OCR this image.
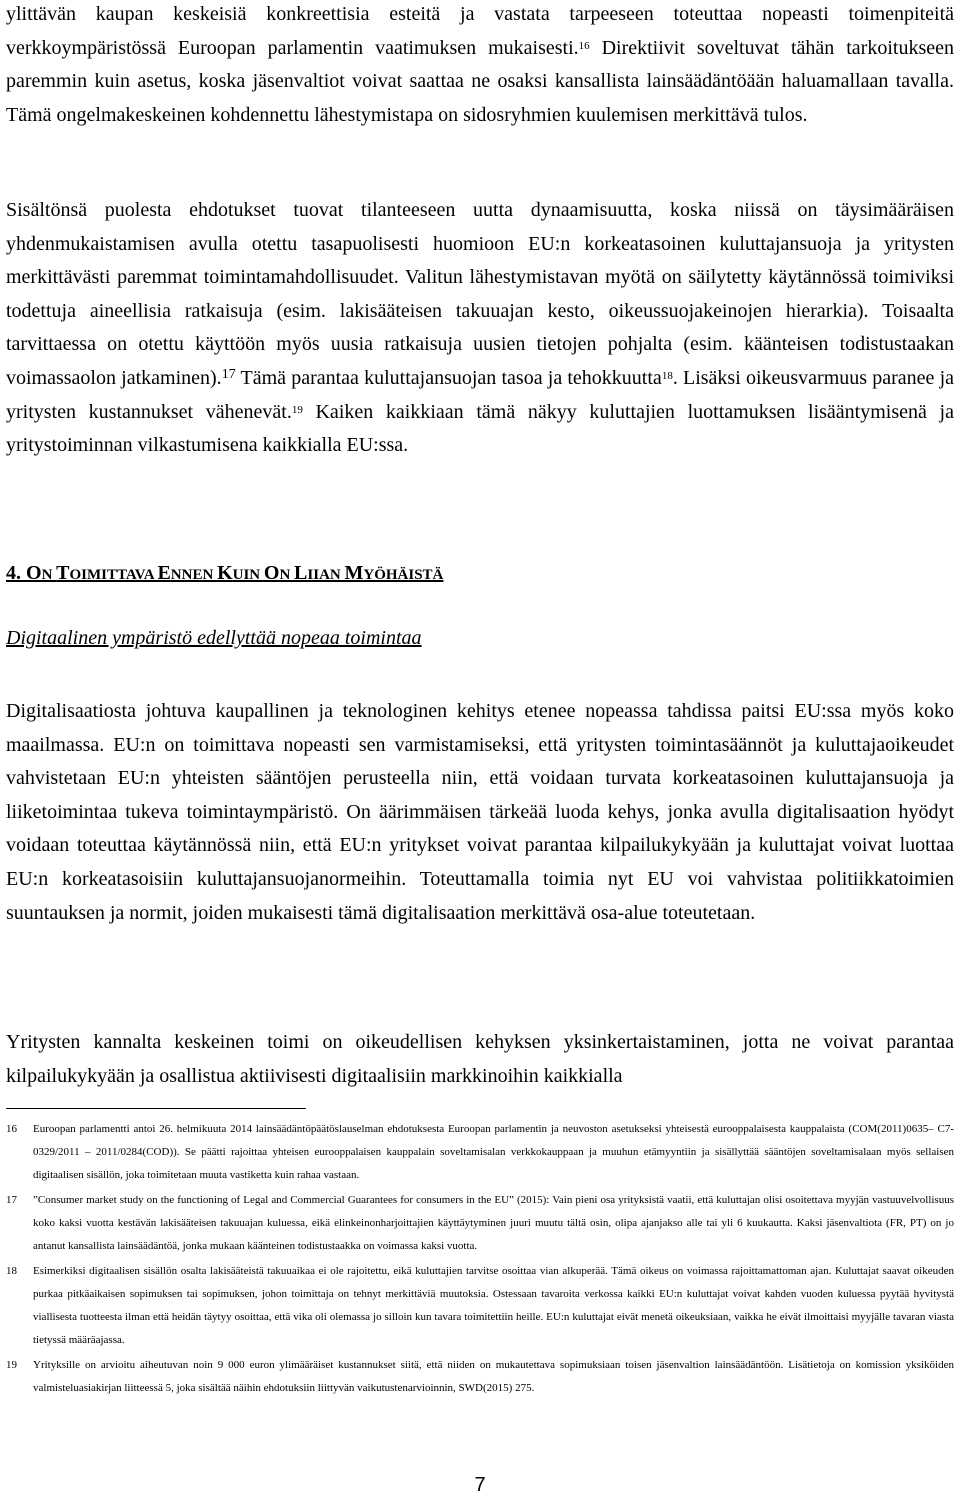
ylittävän kaupan keskeisiä konkreettisia esteitä ja vastata tarpeeseen toteuttaa nopeasti toimenpiteitä verkkoympäristössä Euroopan parlamentin vaatimuksen mukaisesti.$^{16}$ Direktiivit soveltuvat tähän tarkoitukseen paremmin kuin asetus, koska jäsenvaltiot voivat saattaa ne osaksi kansallista lainsäädäntöään haluamallaan tavalla. Tämä ongelmakeskeinen kohdennettu lähestymistapa on sidosryhmien kuulemisen merkittävä tulos.

Sisältönsä puolesta ehdotukset tuovat tilanteeseen uutta dynaamisuutta, koska niissä on täysimääräisen yhdenmukaistamisen avulla otettu tasapuolisesti huomioon EU:n korkeatasoinen kuluttajansuoja ja yritysten merkittävästi paremmat toimintamahdollisuudet. Valitun lähestymistavan myötä on säilytetty käytännössä toimiviksi todettuja aineellisia ratkaisuja (esim. lakisääteisen takuuajan kesto, oikeussuojakeinojen hierarkia). Toisaalta tarvittaessa on otettu käyttöön myös uusia ratkaisuja uusien tietojen pohjalta (esim. käänteisen todistustaakan voimassaolon jatkaminen).$^{17}$ Tämä parantaa kuluttajansuojan tasoa ja tehokkuutta$^{18}$. Lisäksi oikeusvarmuus paranee ja yritysten kustannukset vähenevät.$^{19}$ Kaiken kaikkiaan tämä näkyy kuluttajien luottamuksen lisääntymisenä ja yritystoiminnan vilkastumisena kaikkialla EU:ssa.

4. ON TOIMITTAVA ENNEN KUIN ON LIIAN MYÖHÄISTÄ
Digitaalinen ympäristö edellyttää nopeaa toimintaa

Digitalisaatiosta johtuva kaupallinen ja teknologinen kehitys etenee nopeassa tahdissa paitsi EU:ssa myös koko maailmassa. EU:n on toimittava nopeasti sen varmistamiseksi, että yritysten toimintasäännöt ja kuluttajaoikeudet vahvistetaan EU:n yhteisten sääntöjen perusteella niin, että voidaan turvata korkeatasoinen kuluttajansuoja ja liiketoimintaa tukeva toimintaympäristö. On äärimmäisen tärkeää luoda kehys, jonka avulla digitalisaation hyödyt voidaan toteuttaa käytännössä niin, että EU:n yritykset voivat parantaa kilpailukykyään ja kuluttajat voivat luottaa EU:n korkeatasoisiin kuluttajansuojanormeihin. Toteuttamalla toimia nyt EU voi vahvistaa politiikkatoimien suuntauksen ja normit, joiden mukaisesti tämä digitalisaation merkittävä osa-alue toteutetaan.

Yritysten kannalta keskeinen toimi on oikeudellisen kehyksen yksinkertaistaminen, jotta ne voivat parantaa kilpailukykyään ja osallistua aktiivisesti digitaalisiin markkinoihin kaikkialla

16	Euroopan parlamentti antoi 26. helmikuuta 2014 lainsäädäntöpäätöslauselman ehdotuksesta Euroopan parlamentin ja neuvoston asetukseksi yhteisestä eurooppalaisesta kauppalaista (COM(2011)0635– C7-0329/2011 – 2011/0284(COD)). Se päätti rajoittaa yhteisen eurooppalaisen kauppalain soveltamisalan verkkokauppaan ja muuhun etämyyntiin ja sisällyttää sääntöjen soveltamisalaan myös sellaisen digitaalisen sisällön, joka toimitetaan muuta vastiketta kuin rahaa vastaan.
17	”Consumer market study on the functioning of Legal and Commercial Guarantees for consumers in the EU” (2015): Vain pieni osa yrityksistä vaatii, että kuluttajan olisi osoitettava myyjän vastuuvelvollisuus koko kaksi vuotta kestävän lakisääteisen takuuajan kuluessa, eikä elinkeinonharjoittajien käyttäytyminen juuri muutu tältä osin, olipa ajanjakso alle tai yli 6 kuukautta. Kaksi jäsenvaltiota (FR, PT) on jo antanut kansallista lainsäädäntöä, jonka mukaan käänteinen todistustaakka on voimassa kaksi vuotta.
18	Esimerkiksi digitaalisen sisällön osalta lakisääteistä takuuaikaa ei ole rajoitettu, eikä kuluttajien tarvitse osoittaa vian alkuperää. Tämä oikeus on voimassa rajoittamattoman ajan. Kuluttajat saavat oikeuden purkaa pitkäaikaisen sopimuksen tai sopimuksen, johon toimittaja on tehnyt merkittäviä muutoksia. Ostessaan tavaroita verkossa kaikki EU:n kuluttajat voivat kahden vuoden kuluessa pyytää hyvitystä viallisesta tuotteesta ilman että heidän täytyy osoittaa, että vika oli olemassa jo silloin kun tavara toimitettiin heille. EU:n kuluttajat eivät menetä oikeuksiaan, vaikka he eivät ilmoittaisi myyjälle tavaran viasta tietyssä määräajassa.
19	Yrityksille on arvioitu aiheutuvan noin 9 000 euron ylimääräiset kustannukset siitä, että niiden on mukautettava sopimuksiaan toisen jäsenvaltion lainsäädäntöön. Lisätietoja on komission yksiköiden valmisteluasiakirjan liitteessä 5, joka sisältää näihin ehdotuksiin liittyvän vaikutustenarvioinnin, SWD(2015) 275.
7
